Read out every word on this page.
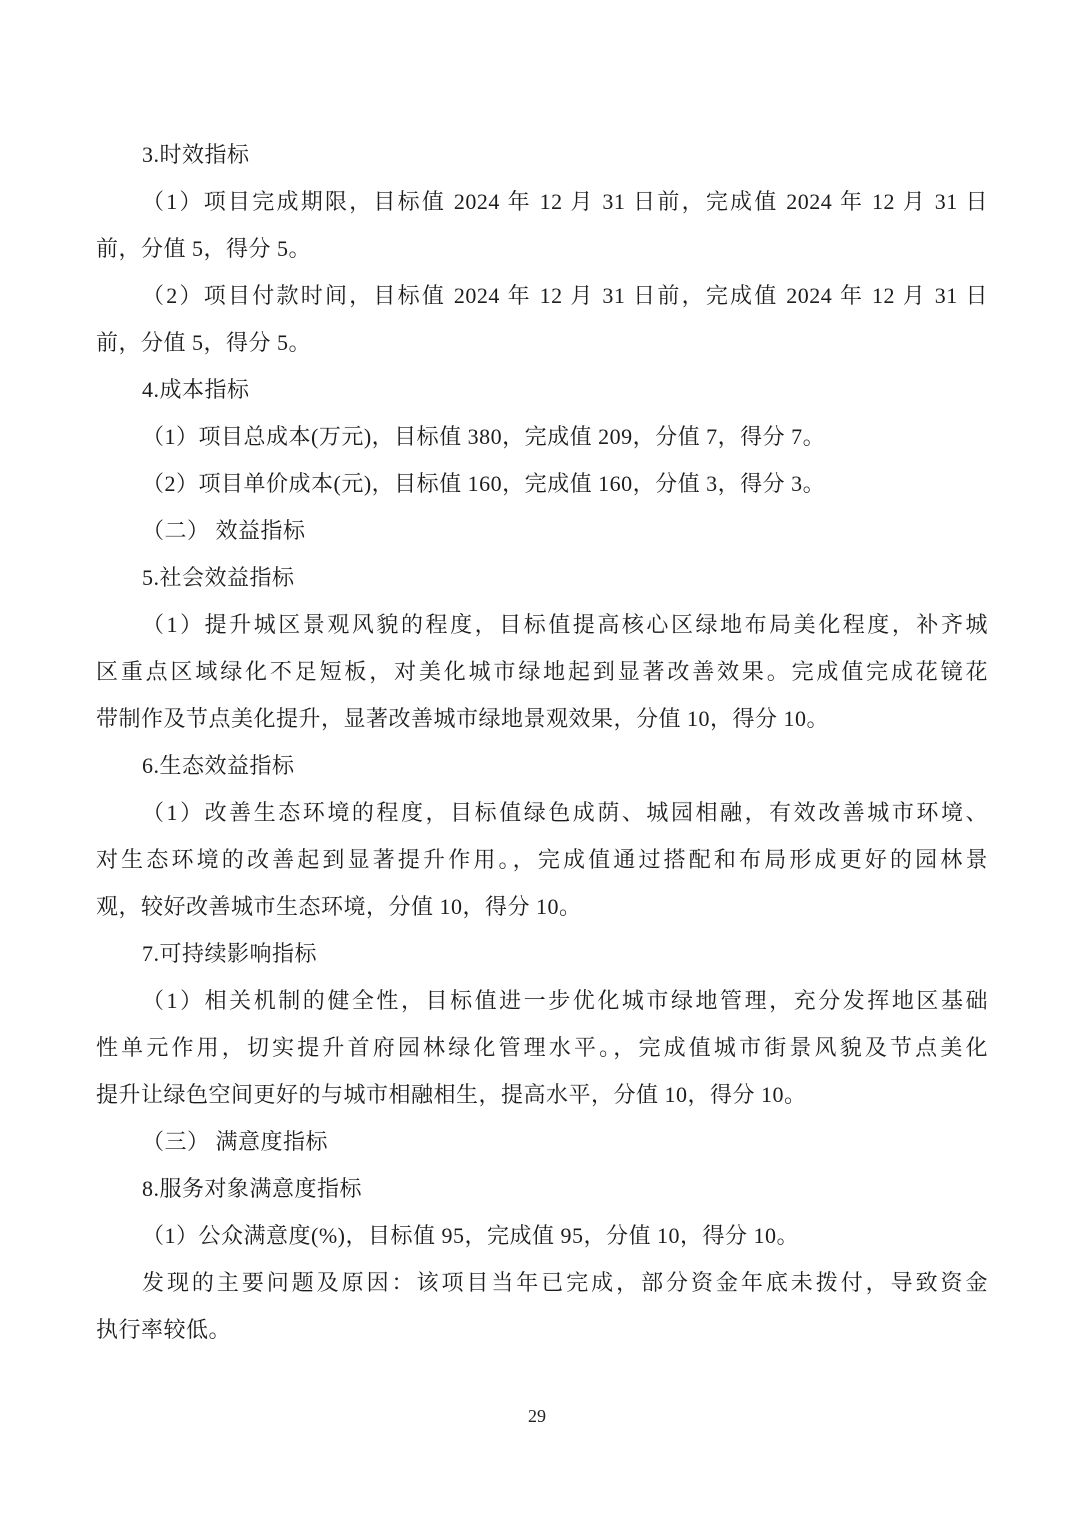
3.时效指标
（1）项目完成期限，目标值 2024 年 12 月 31 日前，完成值 2024 年 12 月 31 日
前，分值 5，得分 5。
（2）项目付款时间，目标值 2024 年 12 月 31 日前，完成值 2024 年 12 月 31 日
前，分值 5，得分 5。
4.成本指标
（1）项目总成本(万元)，目标值 380，完成值 209，分值 7，得分 7。
（2）项目单价成本(元)，目标值 160，完成值 160，分值 3，得分 3。
（二） 效益指标
5.社会效益指标
（1）提升城区景观风貌的程度，目标值提高核心区绿地布局美化程度，补齐城
区重点区域绿化不足短板，对美化城市绿地起到显著改善效果。完成值完成花镜花
带制作及节点美化提升，显著改善城市绿地景观效果，分值 10，得分 10。
6.生态效益指标
（1）改善生态环境的程度，目标值绿色成荫、城园相融，有效改善城市环境、
对生态环境的改善起到显著提升作用。，完成值通过搭配和布局形成更好的园林景
观，较好改善城市生态环境，分值 10，得分 10。
7.可持续影响指标
（1）相关机制的健全性，目标值进一步优化城市绿地管理，充分发挥地区基础
性单元作用，切实提升首府园林绿化管理水平。，完成值城市街景风貌及节点美化
提升让绿色空间更好的与城市相融相生，提高水平，分值 10，得分 10。
（三） 满意度指标
8.服务对象满意度指标
（1）公众满意度(%)，目标值 95，完成值 95，分值 10，得分 10。
发现的主要问题及原因：该项目当年已完成，部分资金年底未拨付，导致资金
执行率较低。
29
